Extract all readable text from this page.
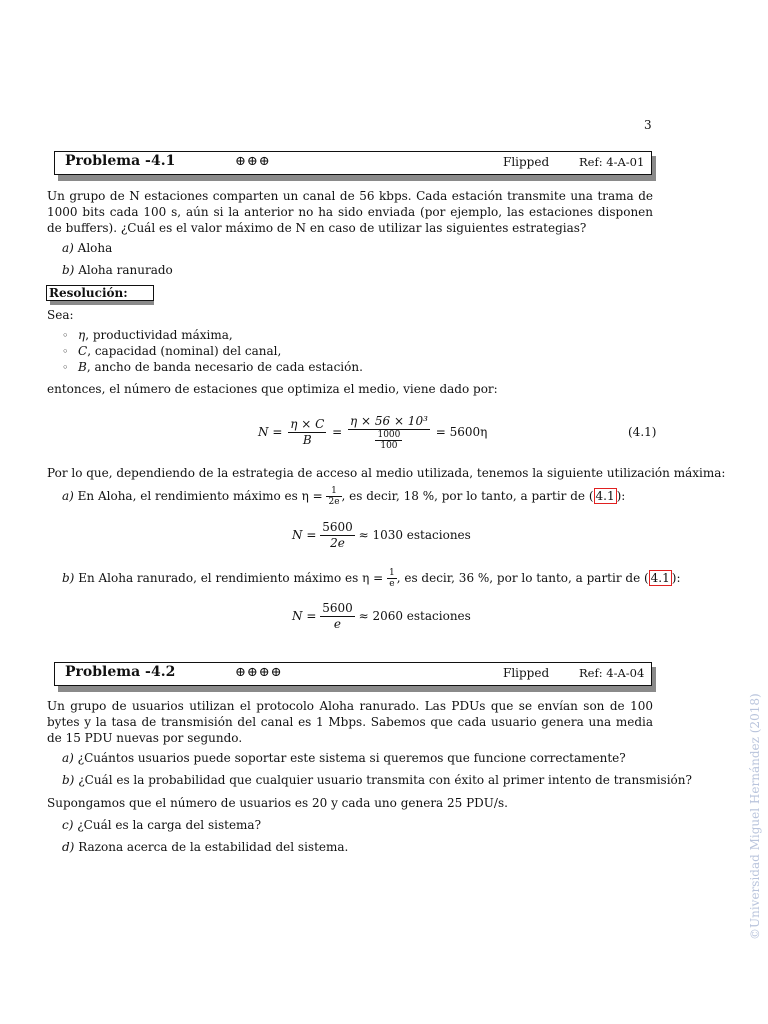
3
Problema - 4.1	⊕⊕⊕	Flipped	Ref: 4-A-01

Un grupo de N estaciones comparten un canal de 56 kbps. Cada estación transmite una trama de 1000 bits cada 100 s, aún si la anterior no ha sido enviada (por ejemplo, las estaciones disponen de buffers). ¿Cuál es el valor máximo de N en caso de utilizar las siguientes estrategias?

a) Aloha
b) Aloha ranurado
Resolución:
Sea:
◦ η, productividad máxima,
◦ C, capacidad (nominal) del canal,
◦ B, ancho de banda necesario de cada estación.
entonces, el número de estaciones que optimiza el medio, viene dado por:
$N = \frac{\eta \times C}{B} = \frac{\text{η × 56 × 10³}}{\frac{1000}{100}} = 5600\eta$	(4.1)
Por lo que, dependiendo de la estrategia de acceso al medio utilizada, tenemos la siguiente utilización máxima:
a) En Aloha, el rendimiento máximo es $\eta = \frac{1}{2e}$ , es decir, 18 %, por lo tanto, a partir de ( 4.1 ):
$N = \frac{5600}{2e} \approx 1030$ estaciones
b) En Aloha ranurado, el rendimiento máximo es $\eta = \frac{1}{e}$ , es decir, 36 %, por lo tanto, a partir de ( 4.1 ):
$N = \frac{5600}{e} \approx 2060$ estaciones
Problema - 4.2	⊕⊕⊕⊕	Flipped	Ref: 4-A-04

Un grupo de usuarios utilizan el protocolo Aloha ranurado. Las PDUs que se envían son de 100 bytes y la tasa de transmisión del canal es 1 Mbps. Sabemos que cada usuario genera una media de 15 PDU nuevas por segundo.

a) ¿Cuántos usuarios puede soportar este sistema si queremos que funcione correctamente?
b) ¿Cuál es la probabilidad que cualquier usuario transmita con éxito al primer intento de transmisión?
Supongamos que el número de usuarios es 20 y cada uno genera 25 PDU/s.
c) ¿Cuál es la carga del sistema?
d) Razona acerca de la estabilidad del sistema.	©Universidad Miguel Hernández (2018)
